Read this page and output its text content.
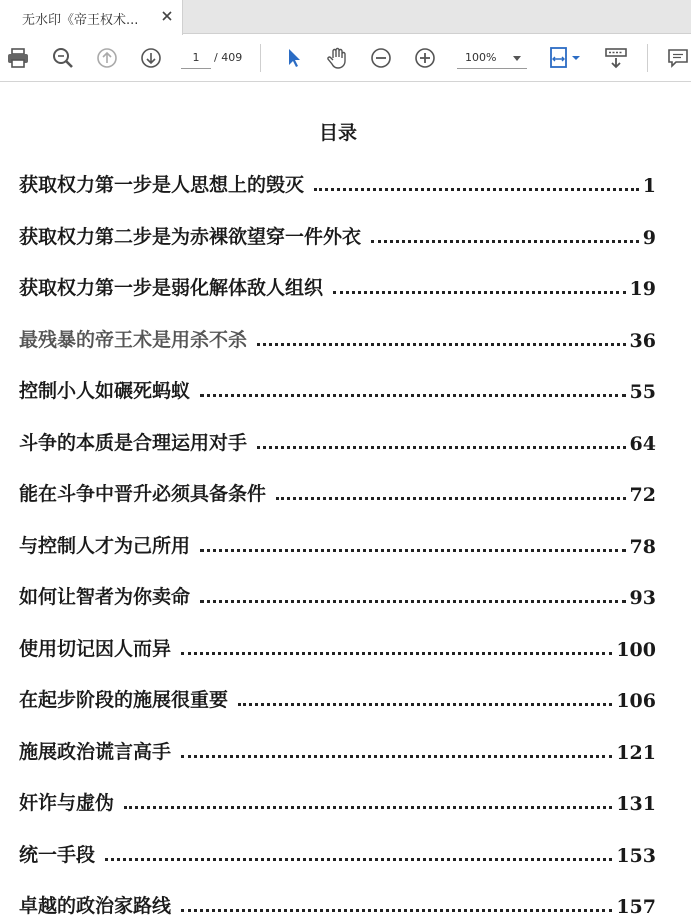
无水印《帝王权术...
1	/ 409	100%
目录
获取权力第一步是人思想上的毁灭	1
获取权力第二步是为赤裸欲望穿一件外衣	9
获取权力第一步是弱化解体敌人组织	19
最残暴的帝王术是用杀不杀	36
控制小人如碾死蚂蚁	55
斗争的本质是合理运用对手	64
能在斗争中晋升必须具备条件	72
与控制人才为己所用	78
如何让智者为你卖命	93
使用切记因人而异	100
在起步阶段的施展很重要	106
施展政治谎言高手	121
奸诈与虚伪	131
统一手段	153
卓越的政治家路线	157
